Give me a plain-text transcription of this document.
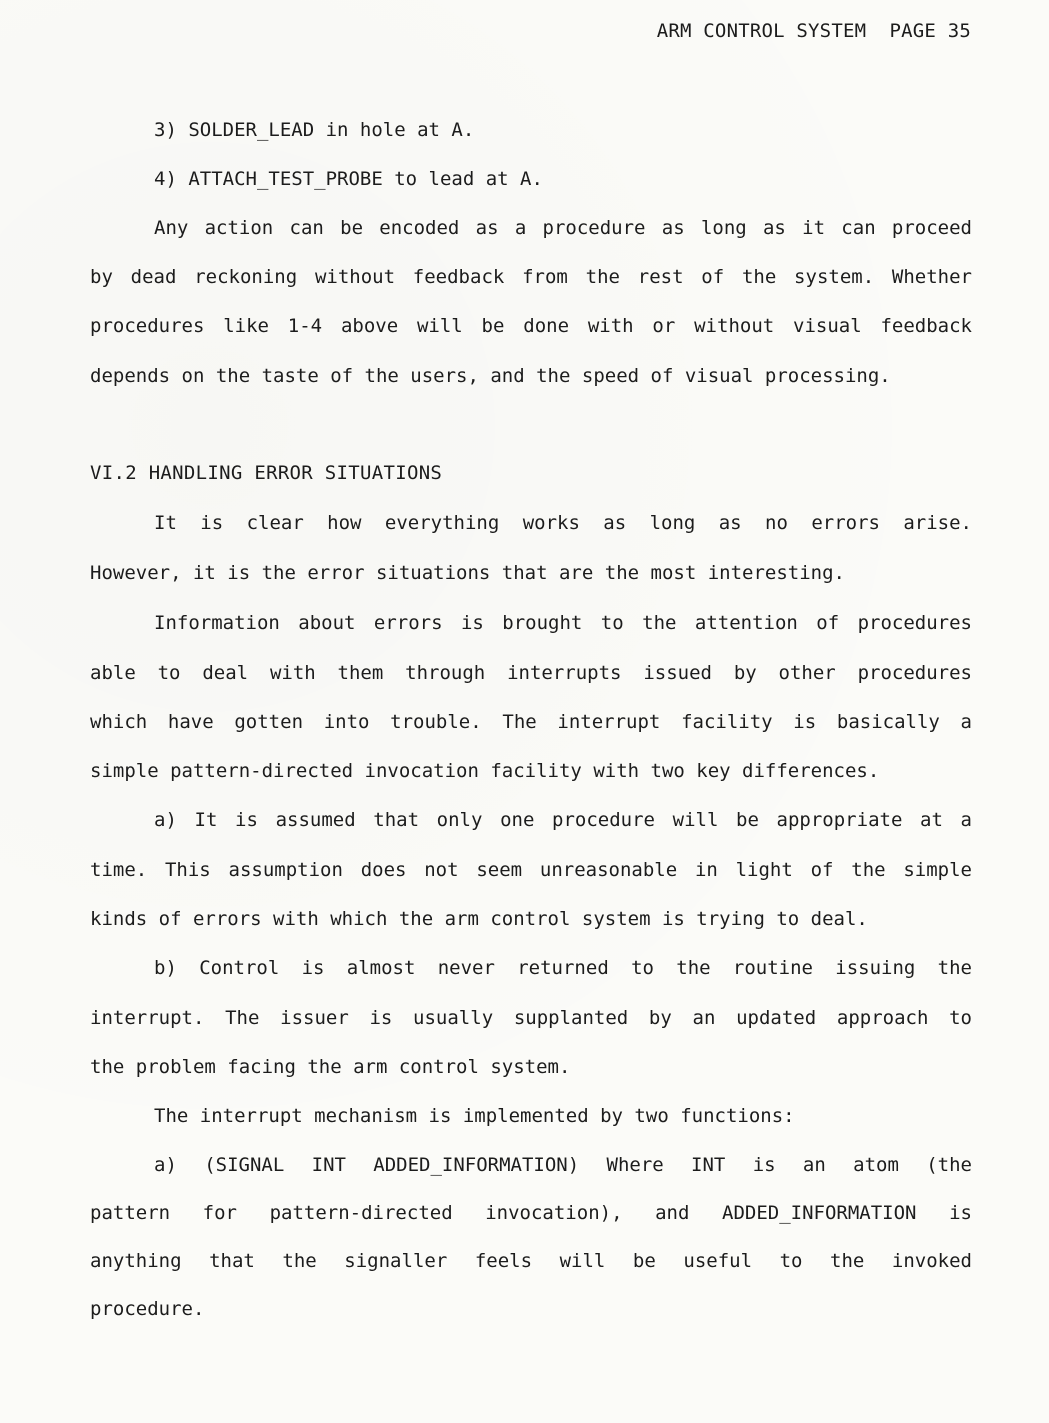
ARM CONTROL SYSTEM  PAGE 35
3) SOLDER_LEAD in hole at A.
4) ATTACH_TEST_PROBE to lead at A.
Any action can be encoded as a procedure as long as it can proceed
by dead reckoning without feedback from the rest of the system. Whether
procedures like 1-4 above will be done with or without visual feedback
depends on the taste of the users, and the speed of visual processing.
VI.2 HANDLING ERROR SITUATIONS
It is clear how everything works as long as no errors arise.
However, it is the error situations that are the most interesting.
Information about errors is brought to the attention of procedures
able to deal with them through interrupts issued by other procedures
which have gotten into trouble. The interrupt facility is basically a
simple pattern-directed invocation facility with two key differences.
a) It is assumed that only one procedure will be appropriate at a
time. This assumption does not seem unreasonable in light of the simple
kinds of errors with which the arm control system is trying to deal.
b) Control is almost never returned to the routine issuing the
interrupt. The issuer is usually supplanted by an updated approach to
the problem facing the arm control system.
The interrupt mechanism is implemented by two functions:
a) (SIGNAL INT ADDED_INFORMATION) Where INT is an atom (the
pattern for pattern-directed invocation), and ADDED_INFORMATION is
anything that the signaller feels will be useful to the invoked
procedure.
